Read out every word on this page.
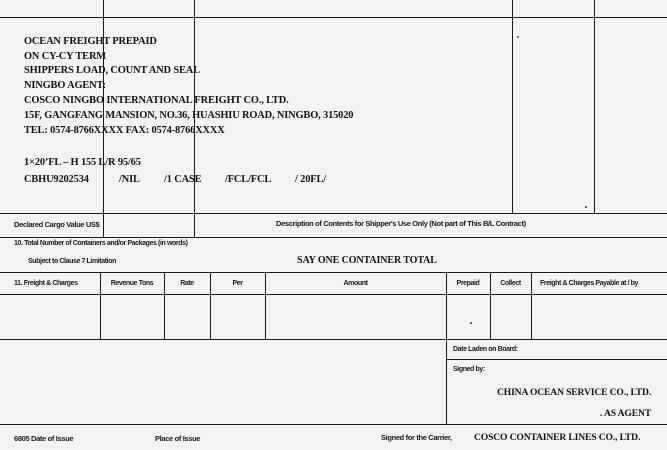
OCEAN FREIGHT PREPAID
ON CY-CY TERM
SHIPPERS LOAD, COUNT AND SEAL
NINGBO AGENT:
COSCO NINGBO INTERNATIONAL FREIGHT CO., LTD.
15F, GANGFANG MANSION, NO.36, HUASHIU ROAD, NINGBO, 315020
TEL: 0574-8766XXXX FAX: 0574-8766XXXX
1×20’FL – H 155 L/R 95/65
CBHU9202534	/NIL /1 CASE /FCL/FCL / 20FL/
Declared Cargo Value US$	Description of Contents for Shipper's Use Only (Not part of This B/L Contract)
10. Total Number of Containers and/or Packages (in words)
Subject to Clause 7 Limitation	SAY ONE CONTAINER TOTAL
11. Freight & Charges	Revenue Tons	Rate	Per	Amount	Prepaid	Collect	Freight & Charges Payable at / by
Date Laden on Board:
Signed by:
CHINA OCEAN SERVICE CO., LTD.
. AS AGENT
6805 Date of Issue	Place of Issue	Signed for the Carrier, COSCO CONTAINER LINES CO., LTD.
